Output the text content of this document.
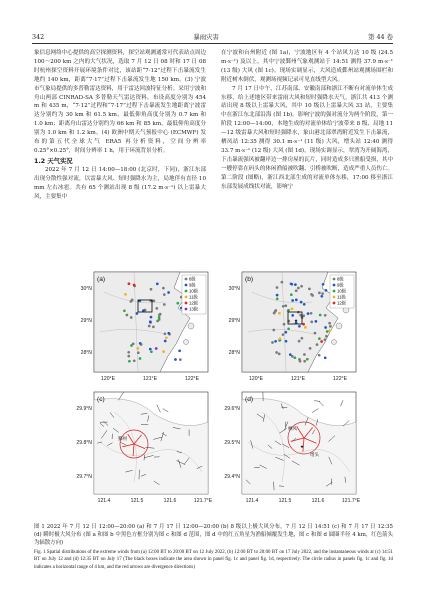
342	暴雨灾害	第 44 卷

象信息网络中心提供的高空探测资料，探空站观测通常可代表站点周边 100～200 km 之内的大气状况，选取 7 月 12 日 08 时和 17 日 08 时杭州探空资料开展环境条件对比，该站距“7·12”过程下击暴流发生地约 140 km，距离“7·17”过程下击暴流发生地 150 km。(3) 宁波市气象局提供的多普勒雷达资料，用于雷达回波特征分析。采用宁波和舟山两部 CINRAD-SA 多普勒天气雷达资料，布设高度分别为 454 m 和 435 m，“7·12”过程和“7·17”过程下击暴流发生地距离宁波雷达分别约为 30 km 和 61.5 km，最低仰角高度分别为 0.7 km 和 1.0 km；距离舟山雷达分别约为 66 km 和 85 km，最低仰角高度分别为 1.0 km 和 1.2 km。(4) 欧洲中期天气预报中心 (ECMWF) 发布的第五代全球大气 ERA5 再分析资料，空间分辨率 0.25°×0.25°，时间分辨率 1 h，用于环流背景分析。

1.2 天气实况

2022 年 7 月 12 日 14:00—18:00 (北京时，下同)，浙江东部出现分散性强对流，以雷暴大风、短时强降水为主，局地伴有直径 10 mm 左右冰雹。共有 65 个测站出现 8 级 (17.2 m·s⁻¹) 以上雷暴大风，主要集中

在宁波和台州附近 (图 1a)，宁波地区有 4 个站风力达 10 级 (24.5 m·s⁻¹) 及以上，其中宁波鄞州气象观测站于 14:51 测得 37.9 m·s⁻¹ (13 级) 大风 (图 1c)。现场实调显示，大风造成鄞州站观测场围栏和附近树木倒伏，观测场视频记录可见直线型大风。

7 月 17 日中午，江苏南部、安徽南部和浙江不断有对流单体生成东移，给上述地区带来雷雨大风和短时强降水天气。浙江共 413 个测站出现 8 级以上雷暴大风，其中 10 级以上雷暴大风 33 站，主要集中在浙江东北部沿海 (图 1b)。影响宁波的强对流分为两个阶段，第一阶段 12:00—14:00，本地生成的对流单体给宁波带来 8 级、局地 11—12 级雷暴大风和短时强降水，象山港北部翠湾附近发生下击暴流，栖凤站 12:35 测得 30.1 m·s⁻¹ (11 级) 大风，增头站 12:40 测得 33.7 m·s⁻¹ (12 级) 大风 (图 1d)。现场实调显示，翠湾为开阔海湾，下击暴流强风被翻岸边一排房屋的瓦片，同时造成多只渔船受损，其中一艘停靠在码头的体闲渔船被吹翻、引桥被吹断，造成严重人员伤亡。第二阶段 (图略)，浙江西北部生成的对流单体东移，17:00 移至浙江东部发展成线状对流，影响宁

8级
9级
10级
11级
12级
13级
120°E	121°E	122°E
28°N
29°N
30°N
(a)
★
8级
9级
10级
11级
12级
120°E	121°E	122°E
28°N
29°N
30°N
(b)
鄞州
121.4	121.5	121.6	121.7°E
29.7°N
29.8°N
29.9°N
(c)
栖凤
增头
★
121.4	121.5	121.6	121.7°E
29.4°N
29.5°N
29.6°N
(d)
图 1 2022 年 7 月 12 日 12:00—20:00 (a) 和 7 月 17 日 12:00—20:00 (b) 8 级以上极大风分布，7 月 12 日 14:51 (c) 和 7 月 17 日 12:35 (d) 瞬时极大风分布 (图 a 和图 b 中黑色方框分别为图 c 和图 d 范围，图 d 中的红五角星为渔船倾覆发生地，图 c 和图 d 圆圈半径 4 km，红色箭头为辐散方向)
Fig. 1 Spatial distributions of the extreme winds from (a) 12:00 BT to 20:00 BT on 12 July 2022, (b) 12:00 BT to 20:00 BT on 17 July 2022, and the instantaneous winds at (c) 14:51 BT on July 12 and (d) 12:35 BT on July 17 (The black boxes indicate the area shown in panel fig. 1c and panel fig. 1d, respectively. The circle radius in panels fig. 1c and fig. 1d indicates a horizontal range of 4 km, and the red arrows are divergence directions)
